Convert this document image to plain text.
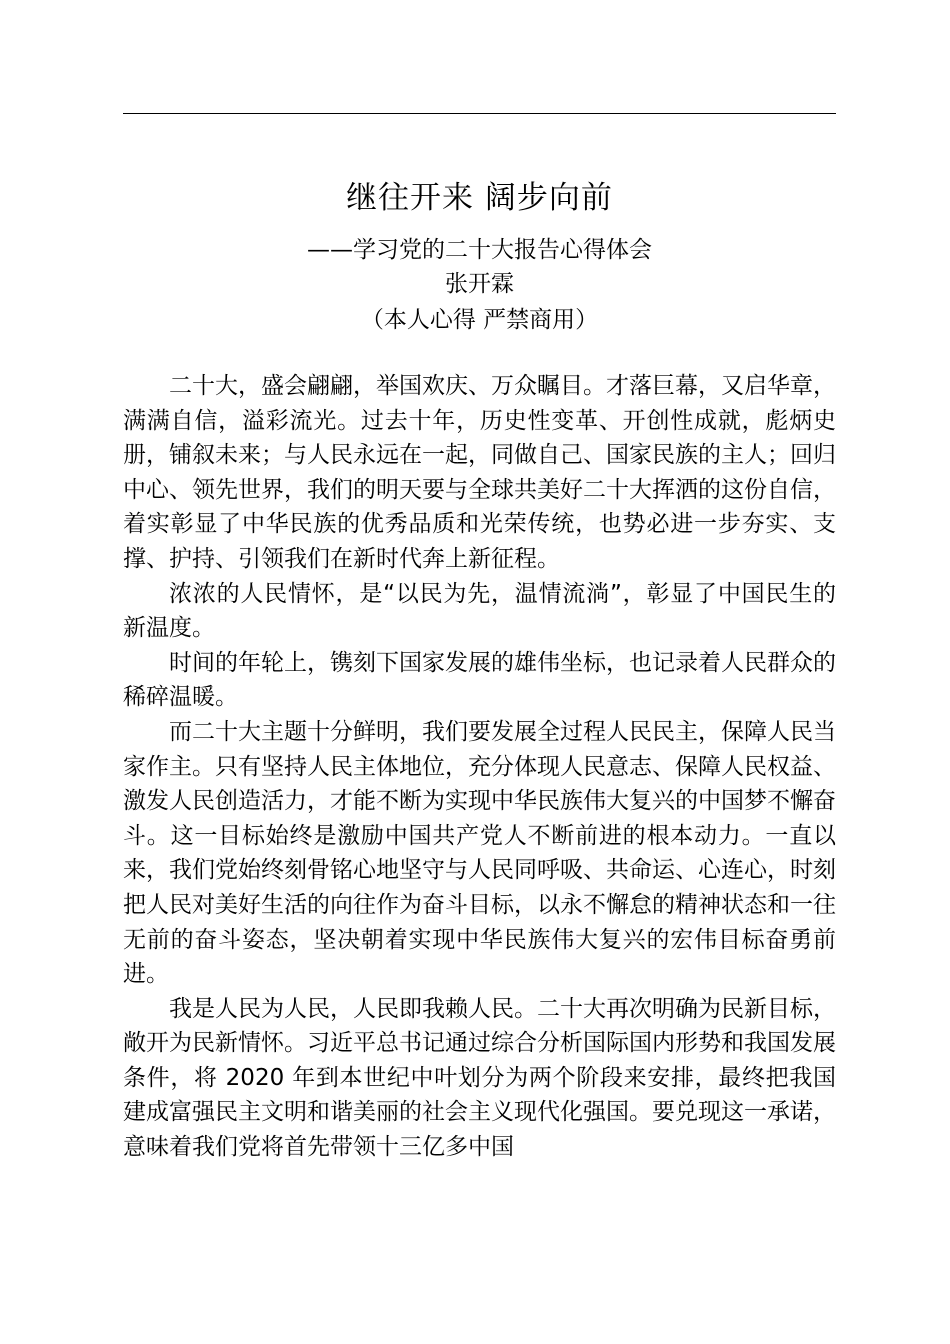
继往开来 阔步向前
——学习党的二十大报告心得体会
张开霖
（本人心得 严禁商用）

二十大，盛会翩翩，举国欢庆、万众瞩目。才落巨幕，又启华章，满满自信，溢彩流光。过去十年，历史性变革、开创性成就，彪炳史册，铺叙未来；与人民永远在一起，同做自己、国家民族的主人；回归中心、领先世界，我们的明天要与全球共美好二十大挥洒的这份自信，着实彰显了中华民族的优秀品质和光荣传统，也势必进一步夯实、支撑、护持、引领我们在新时代奔上新征程。

浓浓的人民情怀，是“以民为先，温情流淌”，彰显了中国民生的新温度。

时间的年轮上，镌刻下国家发展的雄伟坐标，也记录着人民群众的稀碎温暖。

而二十大主题十分鲜明，我们要发展全过程人民民主，保障人民当家作主。只有坚持人民主体地位，充分体现人民意志、保障人民权益、激发人民创造活力，才能不断为实现中华民族伟大复兴的中国梦不懈奋斗。这一目标始终是激励中国共产党人不断前进的根本动力。一直以来，我们党始终刻骨铭心地坚守与人民同呼吸、共命运、心连心，时刻把人民对美好生活的向往作为奋斗目标，以永不懈怠的精神状态和一往无前的奋斗姿态，坚决朝着实现中华民族伟大复兴的宏伟目标奋勇前进。

我是人民为人民，人民即我赖人民。二十大再次明确为民新目标，敞开为民新情怀。习近平总书记通过综合分析国际国内形势和我国发展条件，将 2020 年到本世纪中叶划分为两个阶段来安排，最终把我国建成富强民主文明和谐美丽的社会主义现代化强国。要兑现这一承诺，意味着我们党将首先带领十三亿多中国
